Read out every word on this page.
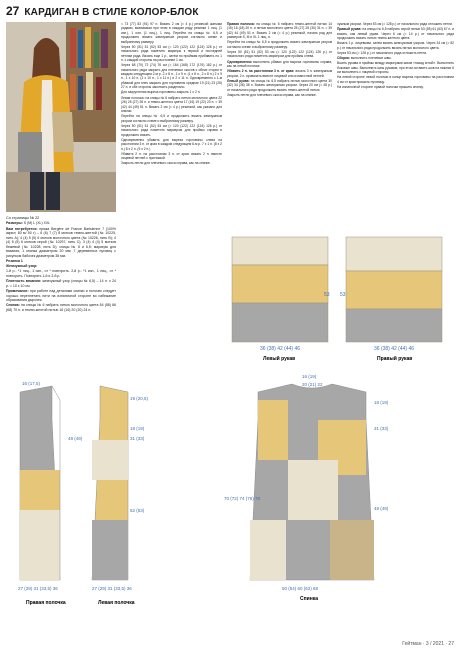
27 КАРДИГАН В СТИЛЕ КОЛОР-БЛОК

Со страницы № 22

Размеры: S (M) L (XL) XXL

Вам потребуется: пряжа Bergère de France Barisienne 7 (100% акрил; 80 м/ 50 г) – 6 (6) 7 (7) 8 мотков темно-желтой (№ 10225, нить A); 4 (4) 5 (5) 6 мотков молочного цвета (№ 10226, нить B); 4 (4) 5 (5) 6 мотков серой (№ 10297, нить C); 3 (4) 4 (4) 5 мотков бежевой (№ 10228, нить D); спицы № 6 и 6,5; маркеры для вязания; 1 кнопка диаметром 20 мм; 7 деревянных пуговиц с рисунком бабочек диаметром 38 мм.

Резинка 1

Жемчужный узор:

1-й р.: *1 лиц., 1 изн., от * повторить. 2-й р.: *1 изн., 1 лиц., от * повторить. Повторять 1-й и 2-й р.

Плотность вязания: жемчужный узор (спицы № 6,5) – 14 п. x 24 р. = 10 x 10 см.

Примечание: при работе над деталями спинки и полочек следует хорошо переплетать нити на изнаночной стороне во избежание образования дырочек.

Спинка: на спицы № 6 набрать нитью молочного цвета 54 (58) 66 (68) 70 п. и темно-желтой нитью 16 (16) 20 (20) 24 п.

= 73 (77) 83 (91) 97 п. Вязать 2 см (= 4 р.) резинкой жатыми рядами, вывязывая при этом в каждом ряду резинки 1 лиц. (1 изн.), 1 изн. (1 лиц.), 1 лиц. Перейти на спицы № 6,5 и продолжить вязать жемчужным узором согласно схеме и выбранному размеру.

Через 50 (51) 51 (52) 53 см (= 120 (122) 122 (124) 126 р.) от начального ряда пометить маркеры к первой и последней петлям ряда. Вязать еще 1 р., затем по проймам прибавить по 1 п. с каждой стороны на расстоянии 1 см.

Через 68 (70) 72 (74) 76 см (= 164 (168) 172 (176) 182 р.) от начального ряда закрыть для плечевых скосов с обеих сторон в каждом следующем 2-м р. 2 x 8 п., 1 x 9 п. (1 x 8 п., 2 x 8 п.) 2 x 9 п., 1 x 10 п. (2 x 10 п., 1 x 11 п.) и 2 x 11 п. Одновременно с 1-м убавкой для плеч закрыть для горловины средние 19 (21) 23 (25) 27 п. и обе стороны закончить раздельно.

Для закругления выреза горловины закрыть 1 x 2 п.

Левая полочка: на спицы № 6 набрать нитью молочного цвета 22 (26) 25 (27) 28 п. и темно-желтого цвета 17 (16) 19 (22) 23 п. = 39 (42) 44 (49) 51 п. Вязать 2 см (= 4 р.) резинкой, как указано для спинки.

Перейти на спицы № 6,5 и продолжить вязать жемчужным узором согласно схеме и выбранному размеру.

Через 50 (51) 51 (52) 53 см (= 120 (122) 122 (124) 126 р.) от начального ряда пометить маркером для проймы справа и продолжить вязать.

Одновременно убавить для выреза горловины слева на расстоянии 3 п. от края в каждом следующем 6-м р. 7 x 1 п. (8 x 2 п.) 8 x 2 п. (9 x 2 п.)

Убавить 2 п. на расстоянии 3 п. от края: вязать 2 п. вместе лицевой петлей с протяжкой.

Закрыть петли для плечевого скоса справа, как на спинке.

Правая полочка: на спицы № 6 набрать темно-желтой нитью 14 (15) 16 (18) 20 п. и нитью молочного цвета 25 (27) 28 (30) 31 п. = 39 (42) 44 (49) 51 п. Вязать 2 см (= 4 р.) резинкой, начать ряд для размеров S, M и XL 1 лиц. п.

Перейти на спицы № 6,5 и продолжить вязать жемчужным узором согласно схеме и выбранному размеру.

Через 50 (51) 51 (52) 53 см (= 120 (122) 122 (124) 126 р.) от начального ряда пометить маркером для проймы слева.

Одновременно выполнить убавки для выреза горловины справа, как на левой полочке.

Убавить 2 п. на расстоянии 3 п. от края: вязать 3 п. жемчужным узором, 2 п. провязать вместе лицевой или изнаночной петлей.

Левый рукав: на спицы № 6,5 набрать нитью молочного цвета 30 (32) 34 (36) 38 п. Вязать жемчужным узором. Через 20 см (= 48 р.) от начального ряда продолжить вязать темно-желтой нитью.

Закрыть петли для плечевого скоса справа, как на спинке.

чужным узором. Через 53 см (= 128 р.) от начального ряда отложить петли.

Правый рукав: на спицы № 6,5 набрать серой нитью 53 (55) 61 (63) 67 п. и вязать, как левый рукав. Через 6 см (= 14 р.) от начального ряда продолжить вязать нитью темно-желтого цвета.

Вязать 1 р. лицевыми, затем вязать жемчужным узором. Через 34 см (= 82 р.) от начального ряда продолжить вязать нитью молочного цвета.

Через 53 см (= 128 р.) от начального ряда отложить петли.

Сборка: выполнить плечевые швы.

Вшить рукава в проймы между маркерами швом «назад иглой». Выполнить боковые швы. Выполнить швы рукавов, при этом оставить шов на нижних 6 см выполнить с лицевой стороны.

На левой стороне левой полочки в конце выреза горловины на расстоянии 4 см от края пришить пуговицу.

На изнаночной стороне правой полочки пришить кнопку.

36 (38) 42 (44) 46
Левый рукав
53 53
36 (38) 42 (44) 46
Правый рукав
16 (17,5)
48 (49)
27 (29) 31 (33,5) 36
Правая полочка
19 (20,5)
18 (19)
31 (33)
52 (53)
27 (29) 31 (33,5) 36
Левая полочка
16 (19)
20 (21) 22
18 (19)
31 (33)
48 (49)
70 (72) 74 (76) 78
50 (54) 60 (62) 68
Спинка
Гейтман · 3 / 2021 · 27
